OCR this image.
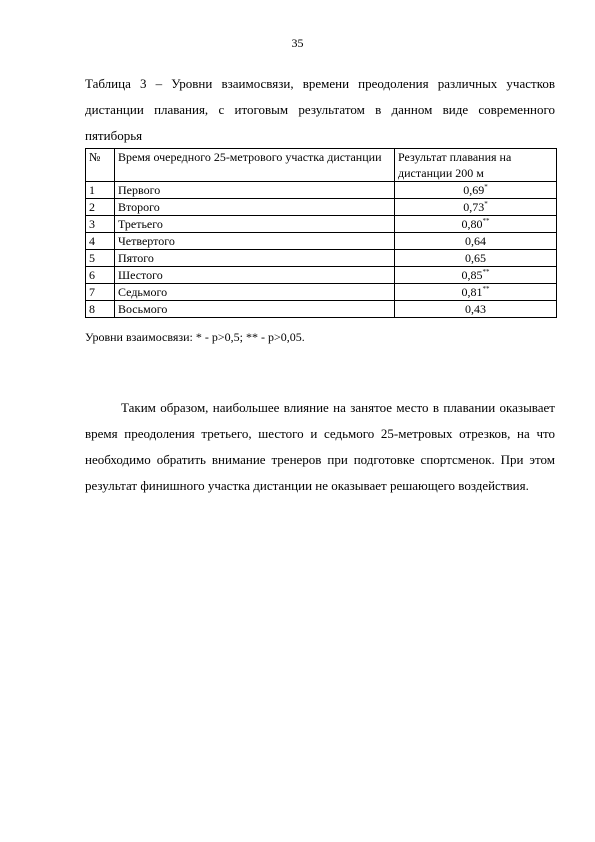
35
Таблица 3 – Уровни взаимосвязи, времени преодоления различных участков дистанции плавания, с итоговым результатом в данном виде современного пятиборья
№	Время очередного 25-метрового участка дистанции	Результат плавания на дистанции 200 м
1	Первого	0,69*
2	Второго	0,73*
3	Третьего	0,80**
4	Четвертого	0,64
5	Пятого	0,65
6	Шестого	0,85**
7	Седьмого	0,81**
8	Восьмого	0,43
Уровни взаимосвязи: * - р>0,5; ** - р>0,05.
Таким образом, наибольшее влияние на занятое место в плавании оказывает время преодоления третьего, шестого и седьмого 25-метровых отрезков, на что необходимо обратить внимание тренеров при подготовке спортсменок. При этом результат финишного участка дистанции не оказывает решающего воздействия.
